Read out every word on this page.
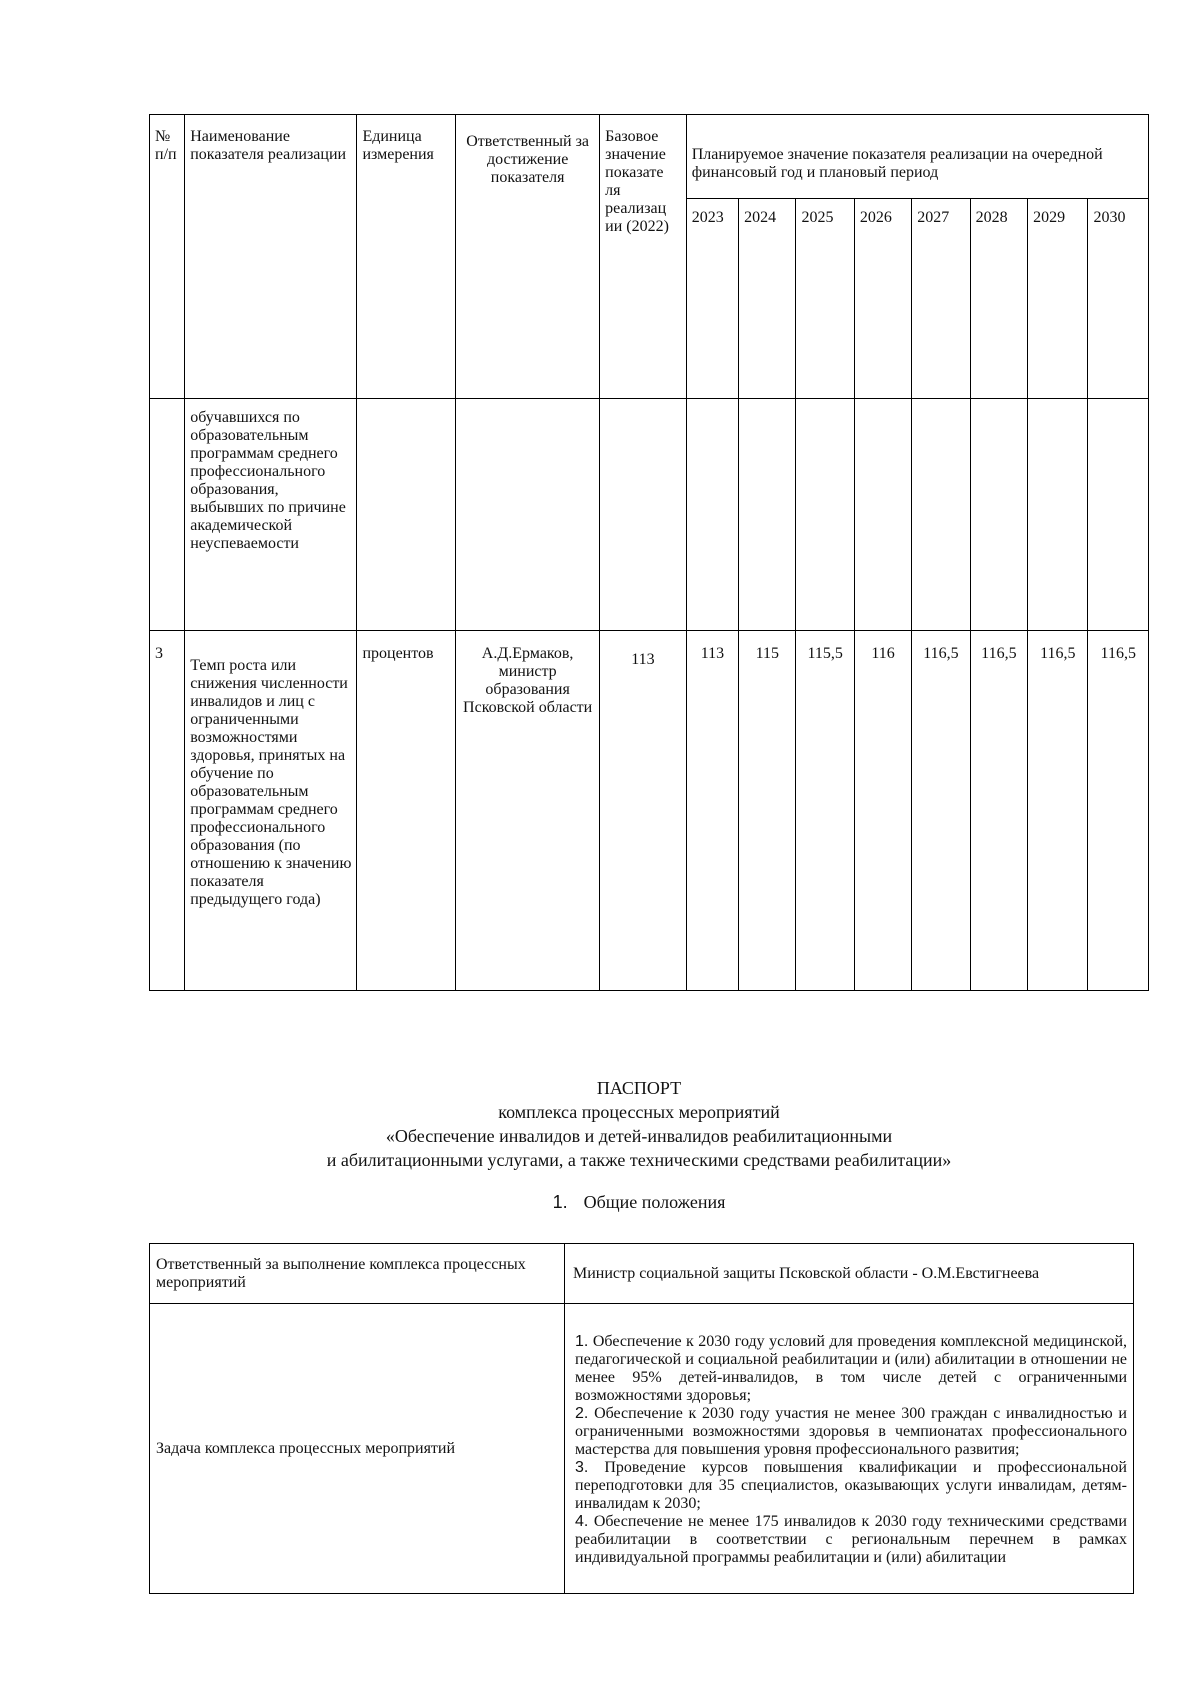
№ п/п	Наименование показателя реализации	Единица измерения	Ответственный за достижение показателя	Базовое значение показате ля реализац ии (2022)	Планируемое значение показателя реализации на очередной финансовый год и плановый период							
					2023	2024	2025	2026	2027	2028	2029	2030
	обучавшихся по образовательным программам среднего профессионального образования, выбывших по причине академической неуспеваемости											
3	Темп роста или снижения численности инвалидов и лиц с ограниченными возможностями здоровья, принятых на обучение по образовательным программам среднего профессионального образования (по отношению к значению показателя предыдущего года)	процентов	А.Д.Ермаков, министр образования Псковской области	113	113	115	115,5	116	116,5	116,5	116,5	116,5
ПАСПОРТ
комплекса процессных мероприятий
«Обеспечение инвалидов и детей-инвалидов реабилитационными
и абилитационными услугами, а также техническими средствами реабилитации»
1. Общие положения
Ответственный за выполнение комплекса процессных мероприятий	Министр социальной защиты Псковской области - О.М.Евстигнеева
Задача комплекса процессных мероприятий	1. Обеспечение к 2030 году условий для проведения комплексной медицинской, педагогической и социальной реабилитации и (или) абилитации в отношении не менее 95% детей-инвалидов, в том числе детей с ограниченными возможностями здоровья;
2. Обеспечение к 2030 году участия не менее 300 граждан с инвалидностью и ограниченными возможностями здоровья в чемпионатах профессионального мастерства для повышения уровня профессионального развития;
3. Проведение курсов повышения квалификации и профессиональной переподготовки для 35 специалистов, оказывающих услуги инвалидам, детям-инвалидам к 2030;
4. Обеспечение не менее 175 инвалидов к 2030 году техническими средствами реабилитации в соответствии с региональным перечнем в рамках индивидуальной программы реабилитации и (или) абилитации
